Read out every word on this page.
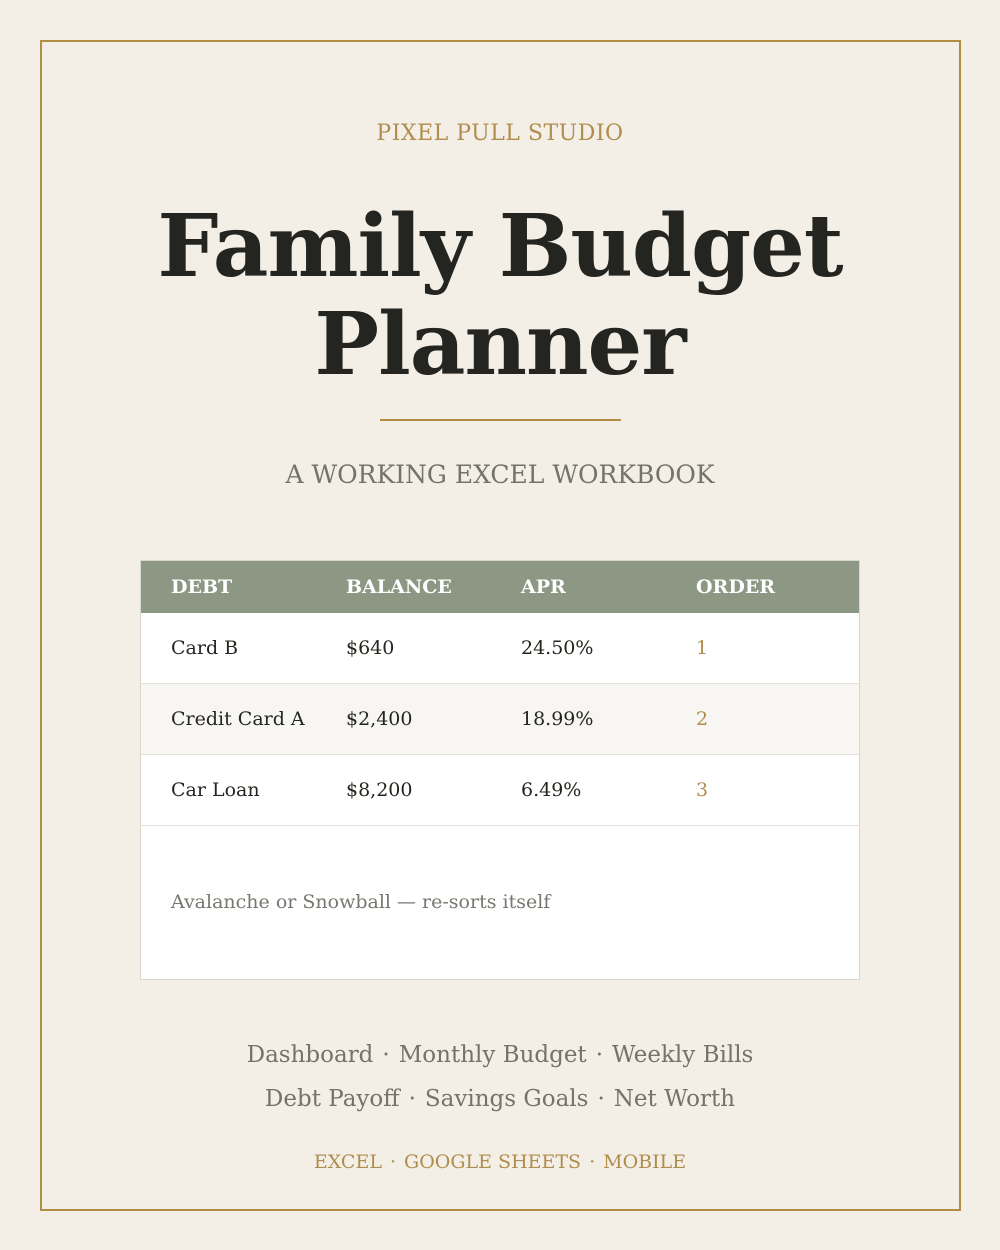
PIXEL PULL STUDIO
Family Budget
Planner
A WORKING EXCEL WORKBOOK
DEBT	BALANCE	APR	ORDER
Card B	$640	24.50%	1
Credit Card A	$2,400	18.99%	2
Car Loan	$8,200	6.49%	3
Avalanche or Snowball — re-sorts itself
Dashboard · Monthly Budget · Weekly Bills
Debt Payoff · Savings Goals · Net Worth
EXCEL · GOOGLE SHEETS · MOBILE
